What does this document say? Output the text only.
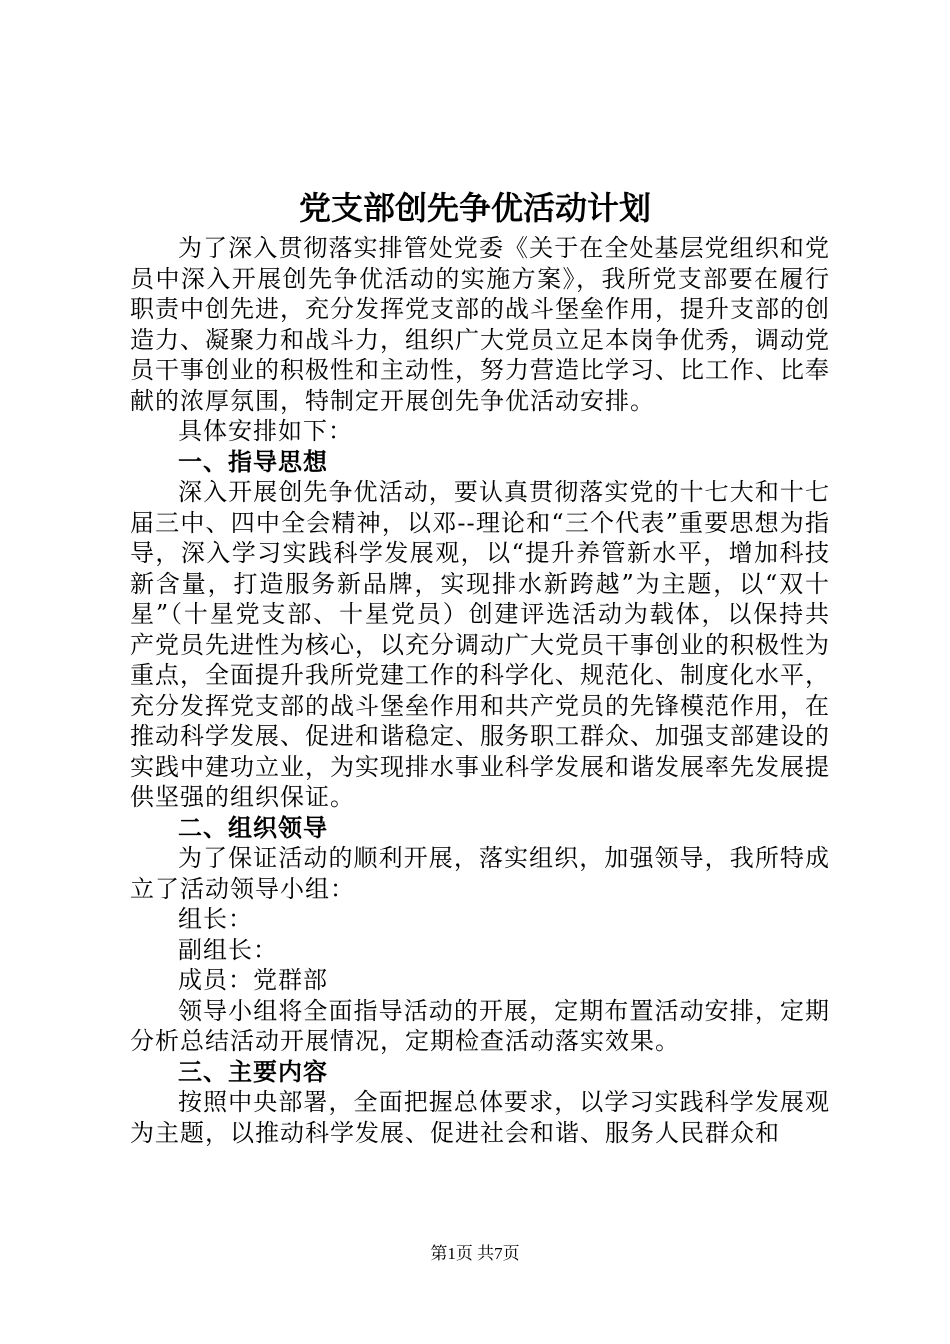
党支部创先争优活动计划

为了深入贯彻落实排管处党委《关于在全处基层党组织和党员中深入开展创先争优活动的实施方案》，我所党支部要在履行职责中创先进，充分发挥党支部的战斗堡垒作用，提升支部的创造力、凝聚力和战斗力，组织广大党员立足本岗争优秀，调动党员干事创业的积极性和主动性，努力营造比学习、比工作、比奉献的浓厚氛围，特制定开展创先争优活动安排。

具体安排如下：

一、指导思想

深入开展创先争优活动，要认真贯彻落实党的十七大和十七届三中、四中全会精神，以邓--理论和“三个代表”重要思想为指导，深入学习实践科学发展观，以“提升养管新水平，增加科技新含量，打造服务新品牌，实现排水新跨越”为主题，以“双十星”（十星党支部、十星党员）创建评选活动为载体，以保持共产党员先进性为核心，以充分调动广大党员干事创业的积极性为重点，全面提升我所党建工作的科学化、规范化、制度化水平，充分发挥党支部的战斗堡垒作用和共产党员的先锋模范作用，在推动科学发展、促进和谐稳定、服务职工群众、加强支部建设的实践中建功立业，为实现排水事业科学发展和谐发展率先发展提供坚强的组织保证。

二、组织领导

为了保证活动的顺利开展，落实组织，加强领导，我所特成立了活动领导小组：

组长：

副组长：

成员：党群部

领导小组将全面指导活动的开展，定期布置活动安排，定期分析总结活动开展情况，定期检查活动落实效果。

三、主要内容

按照中央部署，全面把握总体要求，以学习实践科学发展观为主题，以推动科学发展、促进社会和谐、服务人民群众和

第1页 共7页
